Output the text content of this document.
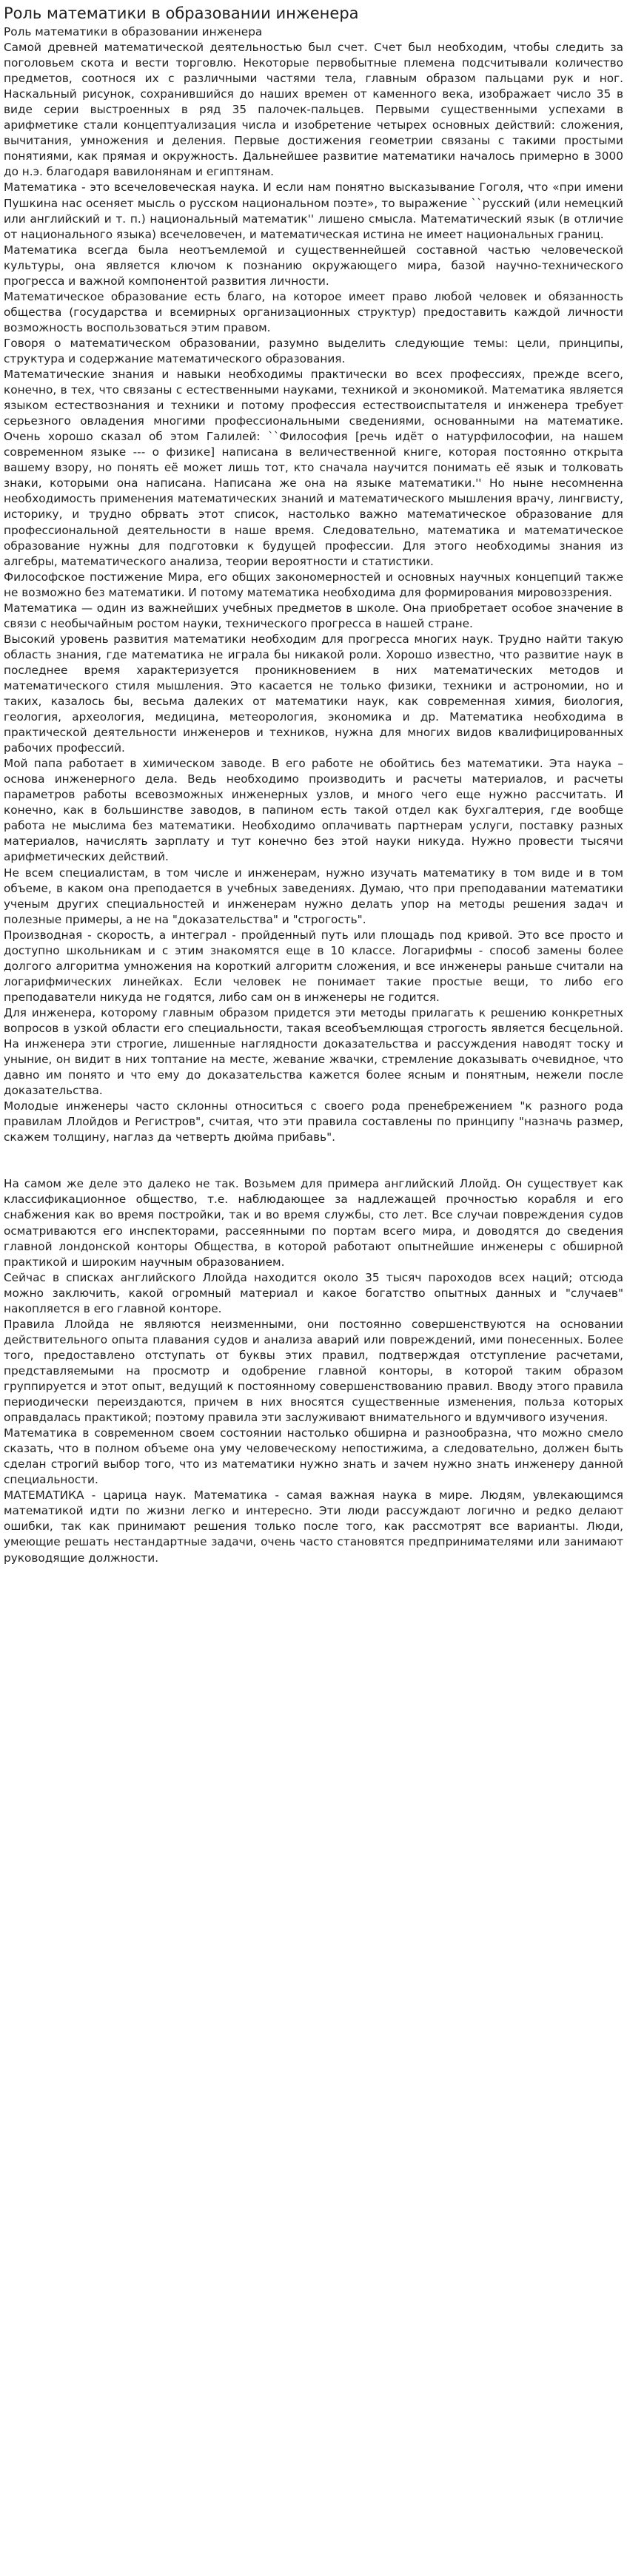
Роль математики в образовании инженера

Роль математики в образовании инженера

Самой древней математической деятельностью был счет. Счет был необходим, чтобы следить за поголовьем скота и вести торговлю. Некоторые первобытные племена подсчитывали количество предметов, соотнося их с различными частями тела, главным образом пальцами рук и ног. Наскальный рисунок, сохранившийся до наших времен от каменного века, изображает число 35 в виде серии выстроенных в ряд 35 палочек-пальцев. Первыми существенными успехами в арифметике стали концептуализация числа и изобретение четырех основных действий: сложения, вычитания, умножения и деления. Первые достижения геометрии связаны с такими простыми понятиями, как прямая и окружность. Дальнейшее развитие математики началось примерно в 3000 до н.э. благодаря вавилонянам и египтянам.

Математика - это всечеловеческая наука. И если нам понятно высказывание Гоголя, что «при имени Пушкина нас осеняет мысль о русском национальном поэте», то выражение ``русский (или немецкий или английский и т. п.) национальный математик'' лишено смысла. Математический язык (в отличие от национального языка) всечеловечен, и математическая истина не имеет национальных границ.

Математика всегда была неотъемлемой и существеннейшей составной частью человеческой культуры, она является ключом к познанию окружающего мира, базой научно-технического прогресса и важной компонентой развития личности.

Математическое образование есть благо, на которое имеет право любой человек и обязанность общества (государства и всемирных организационных структур) предоставить каждой личности возможность воспользоваться этим правом.

Говоря о математическом образовании, разумно выделить следующие темы: цели, принципы, структура и содержание математического образования.

Математические знания и навыки необходимы практически во всех профессиях, прежде всего, конечно, в тех, что связаны с естественными науками, техникой и экономикой. Математика является языком естествознания и техники и потому профессия естествоиспытателя и инженера требует серьезного овладения многими профессиональными сведениями, основанными на математике. Очень хорошо сказал об этом Галилей: ``Философия [речь идёт о натурфилософии, на нашем современном языке --- о физике] написана в величественной книге, которая постоянно открыта вашему взору, но понять её может лишь тот, кто сначала научится понимать её язык и толковать знаки, которыми она написана. Написана же она на языке математики.'' Но ныне несомненна необходимость применения математических знаний и математического мышления врачу, лингвисту, историку, и трудно обрвать этот список, настолько важно математическое образование для профессиональной деятельности в наше время. Следовательно, математика и математическое образование нужны для подготовки к будущей профессии. Для этого необходимы знания из алгебры, математического анализа, теории вероятности и статистики.

Философское постижение Мира, его общих закономерностей и основных научных концепций также не возможно без математики. И потому математика необходима для формирования мировоззрения.

Математика — один из важнейших учебных предметов в школе. Она приобретает особое значение в связи с необычайным ростом науки, технического прогресса в нашей стране.

Высокий уровень развития математики необходим для прогресса многих наук. Трудно найти такую область знания, где математика не играла бы никакой роли. Хорошо известно, что развитие наук в последнее время характеризуется проникновением в них математических методов и математического стиля мышления. Это касается не только физики, техники и астрономии, но и таких, казалось бы, весьма далеких от математики наук, как современная химия, биология, геология, археология, медицина, метеорология, экономика и др. Математика необходима в практической деятельности инженеров и техников, нужна для многих видов квалифицированных рабочих профессий.

Мой папа работает в химическом заводе. В его работе не обойтись без математики. Эта наука – основа инженерного дела. Ведь необходимо производить и расчеты материалов, и расчеты параметров работы всевозможных инженерных узлов, и много чего еще нужно рассчитать. И конечно, как в большинстве заводов, в папином есть такой отдел как бухгалтерия, где вообще работа не мыслима без математики. Необходимо оплачивать партнерам услуги, поставку разных материалов, начислять зарплату и тут конечно без этой науки никуда. Нужно провести тысячи арифметических действий.

Не всем специалистам, в том числе и инженерам, нужно изучать математику в том виде и в том объеме, в каком она преподается в учебных заведениях. Думаю, что при преподавании математики ученым других специальностей и инженерам нужно делать упор на методы решения задач и полезные примеры, а не на "доказательства" и "строгость".

Производная - скорость, а интеграл - пройденный путь или площадь под кривой. Это все просто и доступно школьникам и с этим знакомятся еще в 10 классе. Логарифмы - способ замены более долгого алгоритма умножения на короткий алгоритм сложения, и все инженеры раньше считали на логарифмических линейках. Если человек не понимает такие простые вещи, то либо его преподаватели никуда не годятся, либо сам он в инженеры не годится.

Для инженера, которому главным образом придется эти методы прилагать к решению конкретных вопросов в узкой области его специальности, такая всеобъемлющая строгость является бесцельной. На инженера эти строгие, лишенные наглядности доказательства и рассуждения наводят тоску и уныние, он видит в них топтание на месте, жевание жвачки, стремление доказывать очевидное, что давно им понято и что ему до доказательства кажется более ясным и понятным, нежели после доказательства.

Молодые инженеры часто склонны относиться с своего рода пренебрежением "к разного рода правилам Ллойдов и Регистров", считая, что эти правила составлены по принципу "назначь размер, скажем толщину, наглаз да четверть дюйма прибавь".

На самом же деле это далеко не так. Возьмем для примера английский Ллойд. Он существует как классификационное общество, т.е. наблюдающее за надлежащей прочностью корабля и его снабжения как во время постройки, так и во время службы, сто лет. Все случаи повреждения судов осматриваются его инспекторами, рассеянными по портам всего мира, и доводятся до сведения главной лондонской конторы Общества, в которой работают опытнейшие инженеры с обширной практикой и широким научным образованием.

Сейчас в списках английского Ллойда находится около 35 тысяч пароходов всех наций; отсюда можно заключить, какой огромный материал и какое богатство опытных данных и "случаев" накопляется в его главной конторе.

Правила Ллойда не являются неизменными, они постоянно совершенствуются на основании действительного опыта плавания судов и анализа аварий или повреждений, ими понесенных. Более того, предоставлено отступать от буквы этих правил, подтверждая отступление расчетами, представляемыми на просмотр и одобрение главной конторы, в которой таким образом группируется и этот опыт, ведущий к постоянному совершенствованию правил. Вводу этого правила периодически переиздаются, причем в них вносятся существенные изменения, польза которых оправдалась практикой; поэтому правила эти заслуживают внимательного и вдумчивого изучения.

Математика в современном своем состоянии настолько обширна и разнообразна, что можно смело сказать, что в полном объеме она уму человеческому непостижима, а следовательно, должен быть сделан строгий выбор того, что из математики нужно знать и зачем нужно знать инженеру данной специальности.

МАТЕМАТИКА - царица наук. Математика - самая важная наука в мире. Людям, увлекающимся математикой идти по жизни легко и интересно. Эти люди рассуждают логично и редко делают ошибки, так как принимают решения только после того, как рассмотрят все варианты. Люди, умеющие решать нестандартные задачи, очень часто становятся предпринимателями или занимают руководящие должности.
